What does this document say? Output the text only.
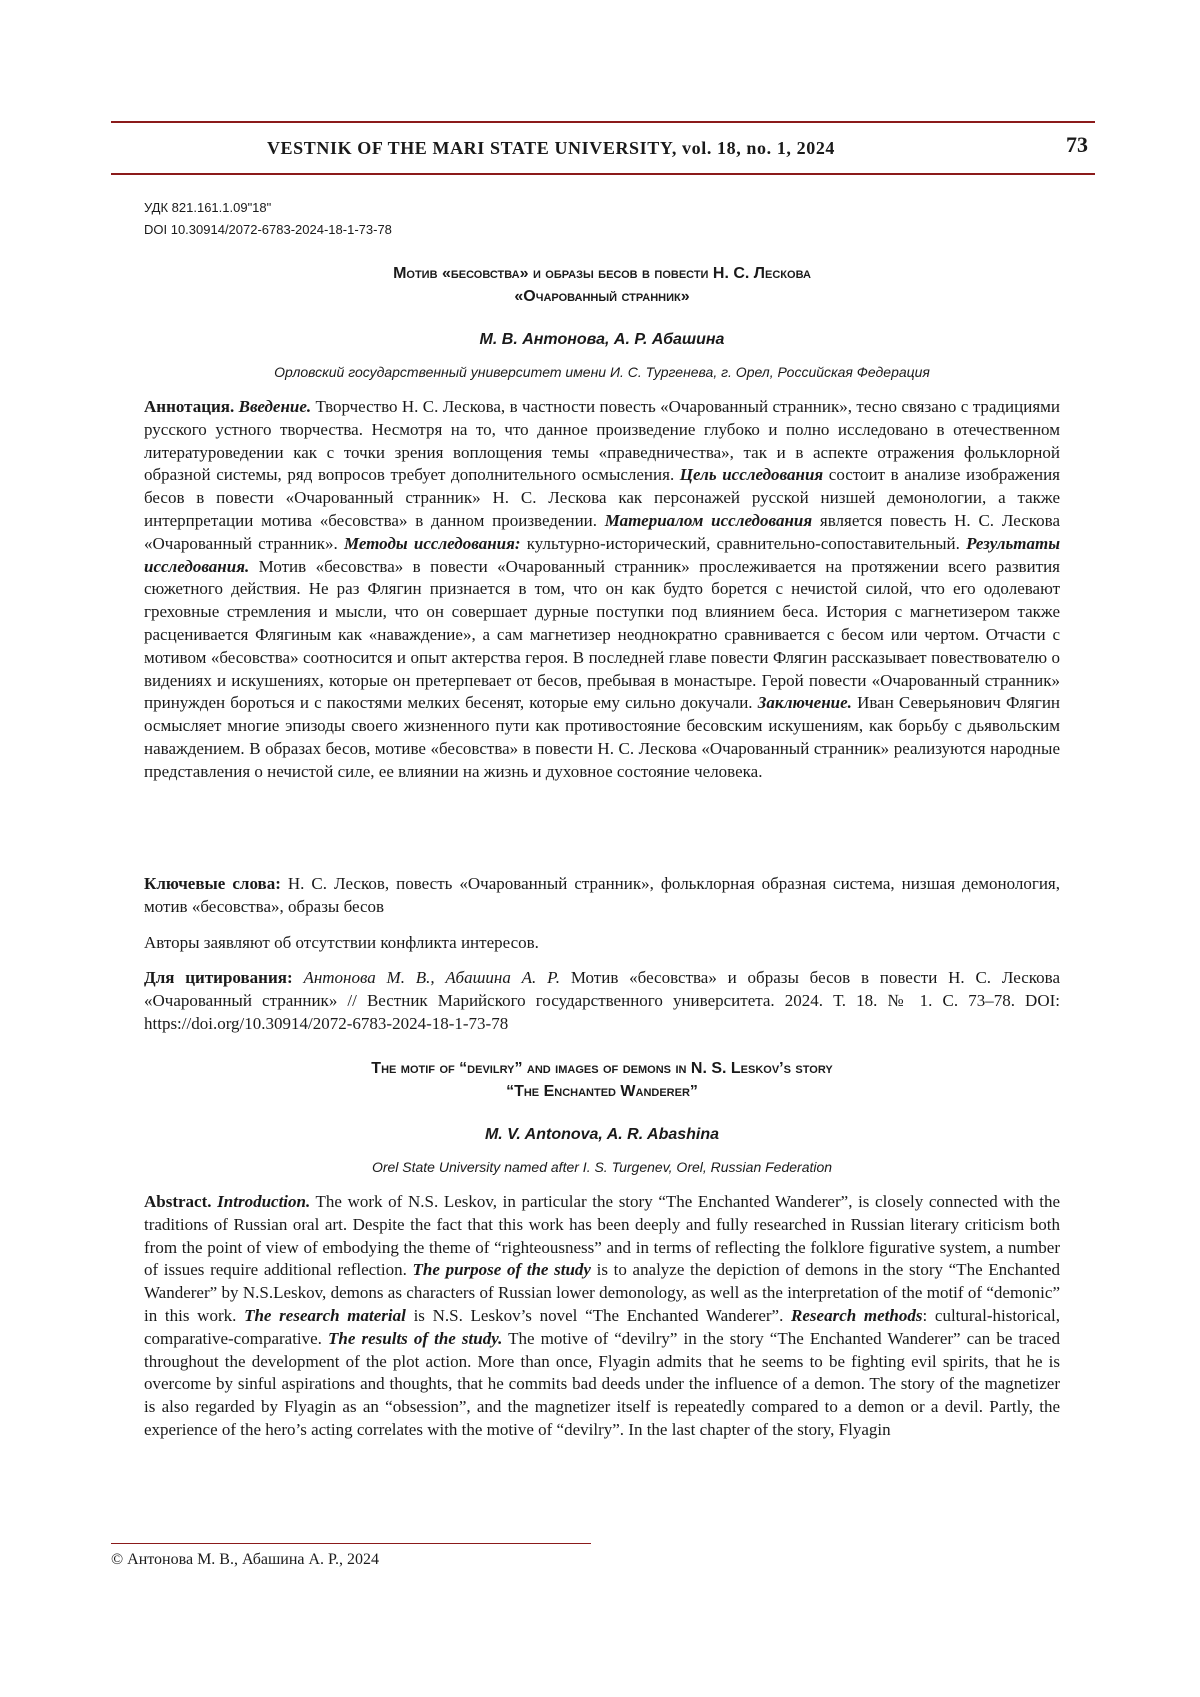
VESTNIK OF THE MARI STATE UNIVERSITY, vol. 18, no. 1, 2024	73
УДК 821.161.1.09"18"
DOI 10.30914/2072-6783-2024-18-1-73-78
Мотив «бесовства» и образы бесов в повести Н. С. Лескова
«Очарованный странник»
М. В. Антонова, А. Р. Абашина
Орловский государственный университет имени И. С. Тургенева, г. Орел, Российская Федерация
Аннотация. Введение. Творчество Н. С. Лескова, в частности повесть «Очарованный странник», тесно связано с традициями русского устного творчества. Несмотря на то, что данное произведение глубоко и полно исследовано в отечественном литературоведении как с точки зрения воплощения темы «праведничества», так и в аспекте отражения фольклорной образной системы, ряд вопросов требует дополнительного осмысления. Цель исследования состоит в анализе изображения бесов в повести «Очарованный странник» Н. С. Лескова как персонажей русской низшей демонологии, а также интерпретации мотива «бесовства» в данном произведении. Материалом исследования является повесть Н. С. Лескова «Очарованный странник». Методы исследования: культурно-исторический, сравнительно-сопоставительный. Результаты исследования. Мотив «бесовства» в повести «Очарованный странник» прослеживается на протяжении всего развития сюжетного действия. Не раз Флягин признается в том, что он как будто борется с нечистой силой, что его одолевают греховные стремления и мысли, что он совершает дурные поступки под влиянием беса. История с магнетизером также расценивается Флягиным как «наваждение», а сам магнетизер неоднократно сравнивается с бесом или чертом. Отчасти с мотивом «бесовства» соотносится и опыт актерства героя. В последней главе повести Флягин рассказывает повествователю о видениях и искушениях, которые он претерпевает от бесов, пребывая в монастыре. Герой повести «Очарованный странник» принужден бороться и с пакостями мелких бесенят, которые ему сильно докучали. Заключение. Иван Северьянович Флягин осмысляет многие эпизоды своего жизненного пути как противостояние бесовским искушениям, как борьбу с дьявольским наваждением. В образах бесов, мотиве «бесовства» в повести Н. С. Лескова «Очарованный странник» реализуются народные представления о нечистой силе, ее влиянии на жизнь и духовное состояние человека.
Ключевые слова: Н. С. Лесков, повесть «Очарованный странник», фольклорная образная система, низшая демонология, мотив «бесовства», образы бесов
Авторы заявляют об отсутствии конфликта интересов.
Для цитирования: Антонова М. В., Абашина А. Р. Мотив «бесовства» и образы бесов в повести Н. С. Лескова «Очарованный странник» // Вестник Марийского государственного университета. 2024. Т. 18. № 1. С. 73–78. DOI: https://doi.org/10.30914/2072-6783-2024-18-1-73-78
The motif of “devilry” and images of demons in N. S. Leskov’s story
“The Enchanted Wanderer”
M. V. Antonova, A. R. Abashina
Orel State University named after I. S. Turgenev, Orel, Russian Federation
Abstract. Introduction. The work of N.S. Leskov, in particular the story “The Enchanted Wanderer”, is closely connected with the traditions of Russian oral art. Despite the fact that this work has been deeply and fully researched in Russian literary criticism both from the point of view of embodying the theme of “righteousness” and in terms of reflecting the folklore figurative system, a number of issues require additional reflection. The purpose of the study is to analyze the depiction of demons in the story “The Enchanted Wanderer” by N.S.Leskov, demons as characters of Russian lower demonology, as well as the interpretation of the motif of “demonic” in this work. The research material is N.S. Leskov’s novel “The Enchanted Wanderer”. Research methods: cultural-historical, comparative-comparative. The results of the study. The motive of “devilry” in the story “The Enchanted Wanderer” can be traced throughout the development of the plot action. More than once, Flyagin admits that he seems to be fighting evil spirits, that he is overcome by sinful aspirations and thoughts, that he commits bad deeds under the influence of a demon. The story of the magnetizer is also regarded by Flyagin as an “obsession”, and the magnetizer itself is repeatedly compared to a demon or a devil. Partly, the experience of the hero’s acting correlates with the motive of “devilry”. In the last chapter of the story, Flyagin
© Антонова М. В., Абашина А. Р., 2024
